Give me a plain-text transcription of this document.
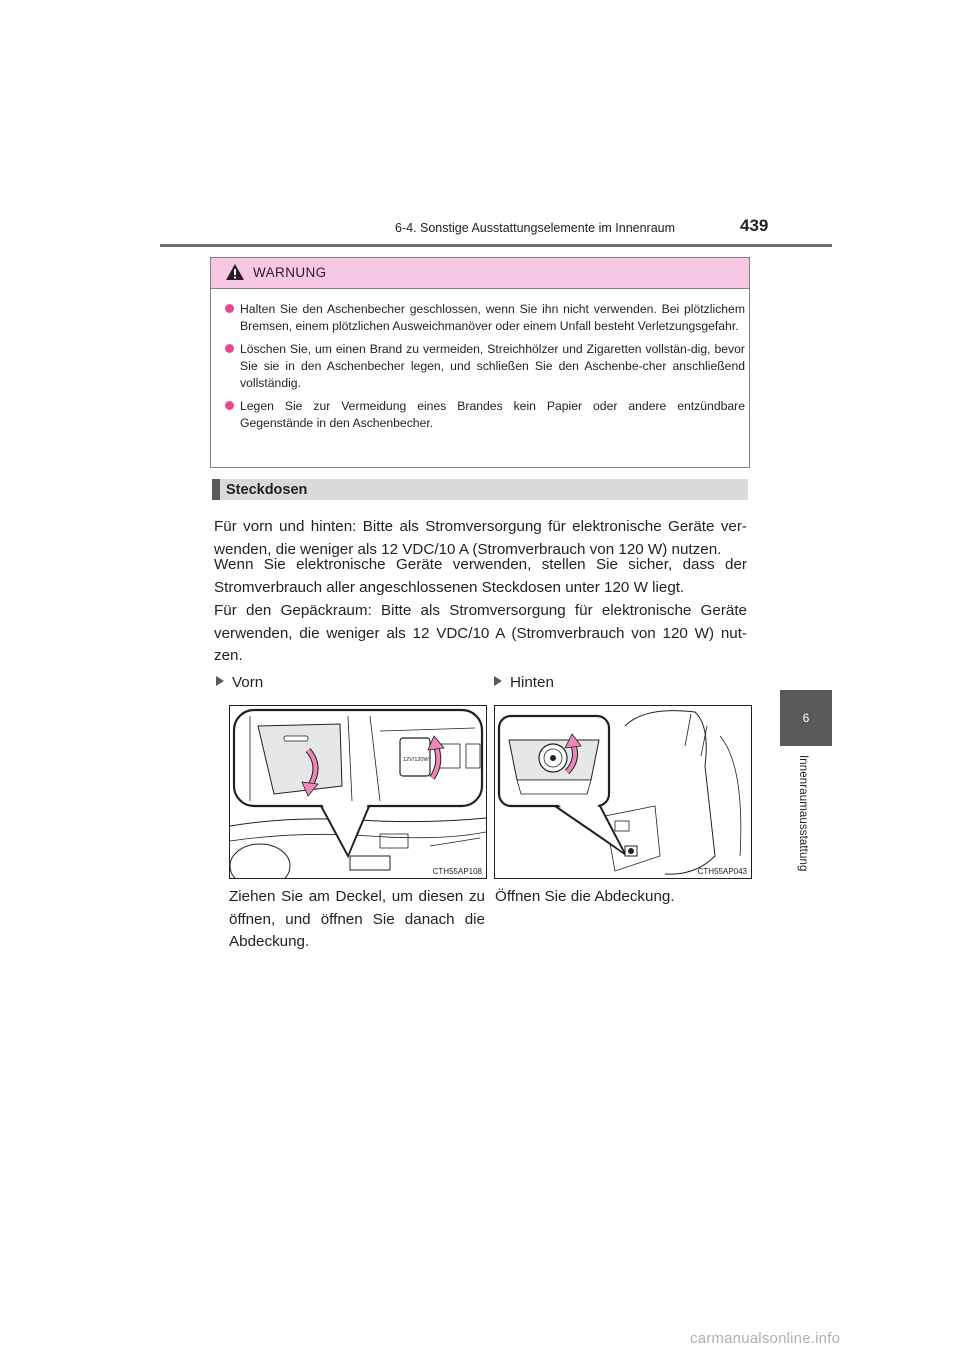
6-4. Sonstige Ausstattungselemente im Innenraum	439
6
Innenraumausstattung
WARNUNG
Halten Sie den Aschenbecher geschlossen, wenn Sie ihn nicht verwenden. Bei plötzlichem Bremsen, einem plötzlichen Ausweichmanöver oder einem Unfall besteht Verletzungsgefahr.
Löschen Sie, um einen Brand zu vermeiden, Streichhölzer und Zigaretten vollstän-dig, bevor Sie sie in den Aschenbecher legen, und schließen Sie den Aschenbe-cher anschließend vollständig.
Legen Sie zur Vermeidung eines Brandes kein Papier oder andere entzündbare Gegenstände in den Aschenbecher.
Steckdosen
Für vorn und hinten: Bitte als Stromversorgung für elektronische Geräte ver-wenden, die weniger als 12 VDC/10 A (Stromverbrauch von 120 W) nutzen.
Wenn Sie elektronische Geräte verwenden, stellen Sie sicher, dass der Stromverbrauch aller angeschlossenen Steckdosen unter 120 W liegt.
Für den Gepäckraum: Bitte als Stromversorgung für elektronische Geräte verwenden, die weniger als 12 VDC/10 A (Stromverbrauch von 120 W) nut-zen.
Vorn	Hinten
12V/120W
CTH55AP108	CTH55AP043
Ziehen Sie am Deckel, um diesen zu öffnen, und öffnen Sie danach die Abdeckung.
Öffnen Sie die Abdeckung.
carmanualsonline.info
